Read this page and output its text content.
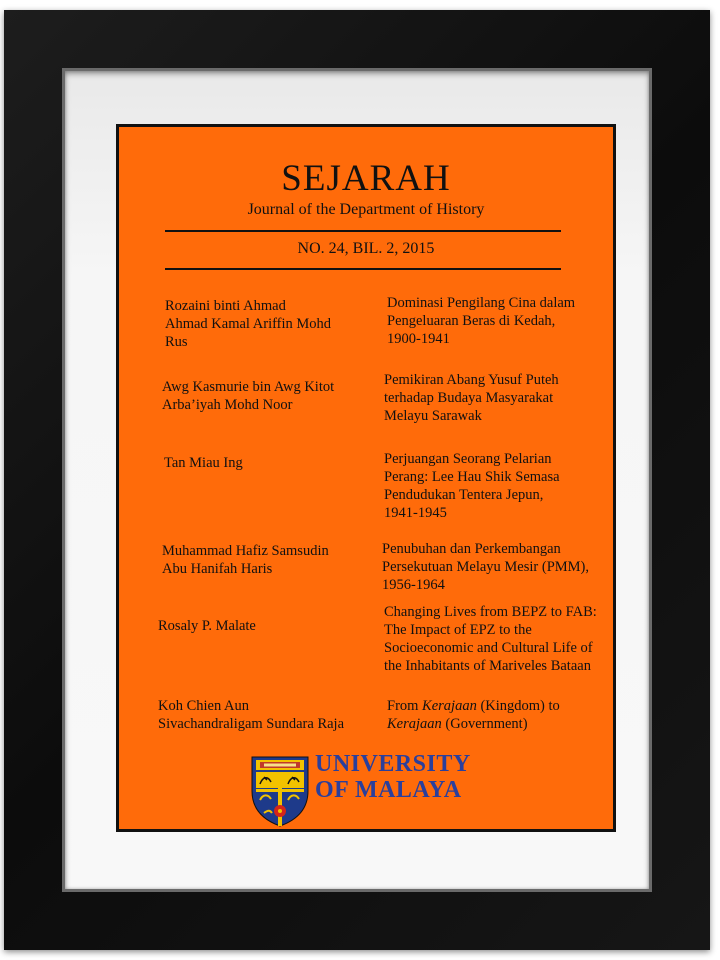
SEJARAH
Journal of the Department of History
NO. 24, BIL. 2, 2015
Rozaini binti Ahmad
Ahmad Kamal Ariffin Mohd
Rus
Dominasi Pengilang Cina dalam
Pengeluaran Beras di Kedah,
1900-1941
Awg Kasmurie bin Awg Kitot
Arba’iyah Mohd Noor
Pemikiran Abang Yusuf Puteh
terhadap Budaya Masyarakat
Melayu Sarawak
Tan Miau Ing	Perjuangan Seorang Pelarian
Perang: Lee Hau Shik Semasa
Pendudukan Tentera Jepun,
1941-1945
Muhammad Hafiz Samsudin
Abu Hanifah Haris
Penubuhan dan Perkembangan
Persekutuan Melayu Mesir (PMM),
1956-1964
Rosaly P. Malate
Changing Lives from BEPZ to FAB:
The Impact of EPZ to the
Socioeconomic and Cultural Life of
the Inhabitants of Mariveles Bataan
Koh Chien Aun
Sivachandraligam Sundara Raja
From Kerajaan (Kingdom) to
Kerajaan (Government)
UNIVERSITY
OF MALAYA
